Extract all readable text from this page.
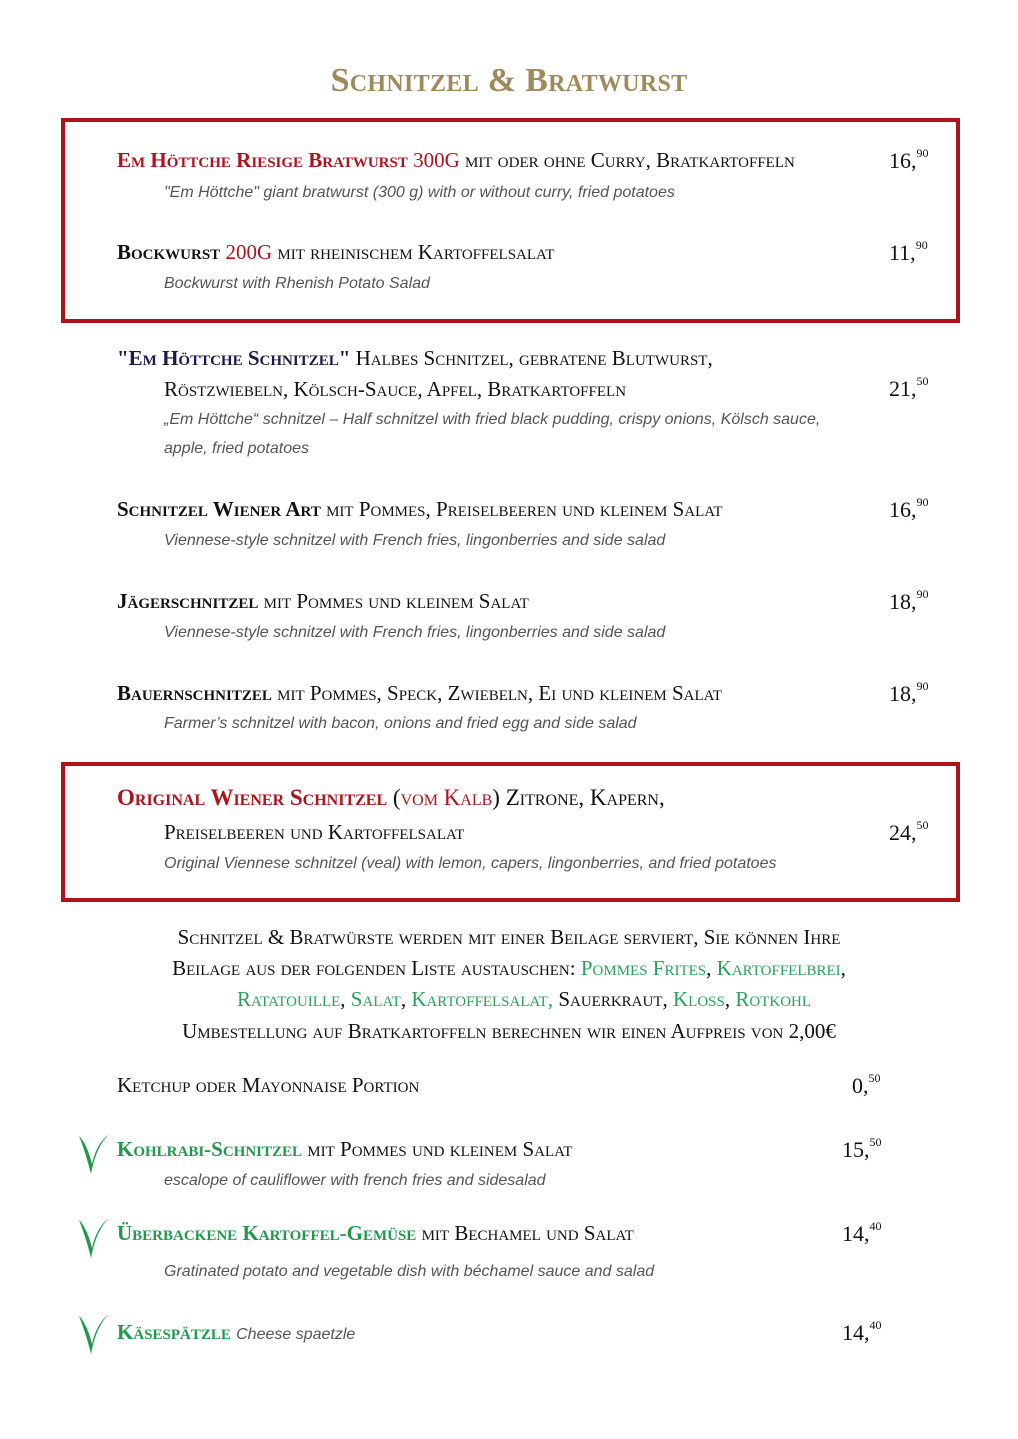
Schnitzel & Bratwurst
Em Höttche Riesige Bratwurst 300G mit oder ohne Curry, Bratkartoffeln	16,90
"Em Höttche" giant bratwurst (300 g) with or without curry, fried potatoes
Bockwurst 200G mit rheinischem Kartoffelsalat	11,90
Bockwurst with Rhenish Potato Salad
"Em Höttche Schnitzel" Halbes Schnitzel, gebratene Blutwurst,
Röstzwiebeln, Kölsch-Sauce, Apfel, Bratkartoffeln	21,50
„Em Höttche“ schnitzel – Half schnitzel with fried black pudding, crispy onions, Kölsch sauce,
apple, fried potatoes
Schnitzel Wiener Art mit Pommes, Preiselbeeren und kleinem Salat	16,90
Viennese-style schnitzel with French fries, lingonberries and side salad
Jägerschnitzel mit Pommes und kleinem Salat	18,90
Viennese-style schnitzel with French fries, lingonberries and side salad
Bauernschnitzel mit Pommes, Speck, Zwiebeln, Ei und kleinem Salat	18,90
Farmer’s schnitzel with bacon, onions and fried egg and side salad
Original Wiener Schnitzel (vom Kalb) Zitrone, Kapern,
Preiselbeeren und Kartoffelsalat	24,50
Original Viennese schnitzel (veal) with lemon, capers, lingonberries, and fried potatoes
Schnitzel & Bratwürste werden mit einer Beilage serviert, Sie können Ihre
Beilage aus der folgenden Liste austauschen: Pommes Frites, Kartoffelbrei,
Ratatouille, Salat, Kartoffelsalat, Sauerkraut, Kloß, Rotkohl
Umbestellung auf Bratkartoffeln berechnen wir einen Aufpreis von 2,00€
Ketchup oder Mayonnaise Portion	0,50
Kohlrabi-Schnitzel mit Pommes und kleinem Salat	15,50
escalope of cauliflower with french fries and sidesalad
Überbackene Kartoffel-Gemüse mit Bechamel und Salat	14,40
Gratinated potato and vegetable dish with béchamel sauce and salad
Käsespätzle Cheese spaetzle	14,40
